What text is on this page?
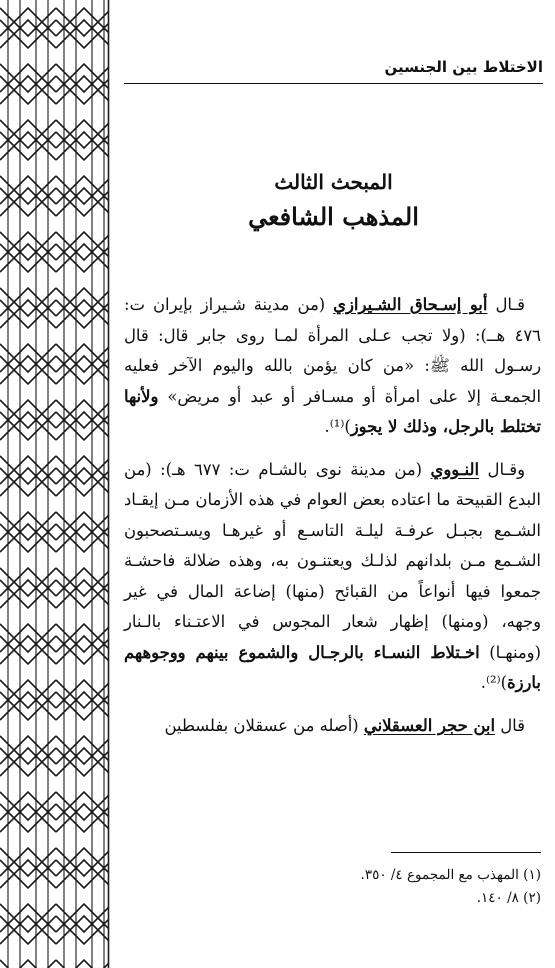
الاختلاط بين الجنسين
المبحث الثالث
المذهب الشافعي

قـال أبو إسـحاق الشـيرازي (من مدينة شـيراز بإيران ت: ٤٧٦ هــ): (ولا تجب عـلى المرأة لمـا روى جابر قال: قال رسـول الله ﷺ: «من كان يؤمن بالله واليوم الآخر فعليه الجمعـة إلا على امرأة أو مسـافر أو عبد أو مريض» ولأنها تختلط بالرجل، وذلك لا يجوز)⁽¹⁾.

وقـال النـووي (من مدينة نوى بالشـام ت: ٦٧٧ هـ): (من البدع القبيحة ما اعتاده بعض العوام في هذه الأزمان مـن إيقـاد الشـمع بجبـل عرفـة ليلـة التاسـع أو غيرهـا ويسـتصحبون الشـمع مـن بلدانهم لذلـك ويعتنـون به، وهذه ضلالة فاحشـة جمعوا فيها أنواعاً من القبائح (منها) إضاعة المال في غير وجهه، (ومنها) إظهار شعار المجوس في الاعتـناء بالـنار (ومنهـا) اخـتلاط النسـاء بالرجـال والشموع بينهم ووجوههم بارزة)⁽²⁾.

قال ابن حجر العسقلاني (أصله من عسقلان بفلسطين

(١) المهذب مع المجموع ٤/ ٣٥٠.
(٢) ٨/ ١٤٠.
